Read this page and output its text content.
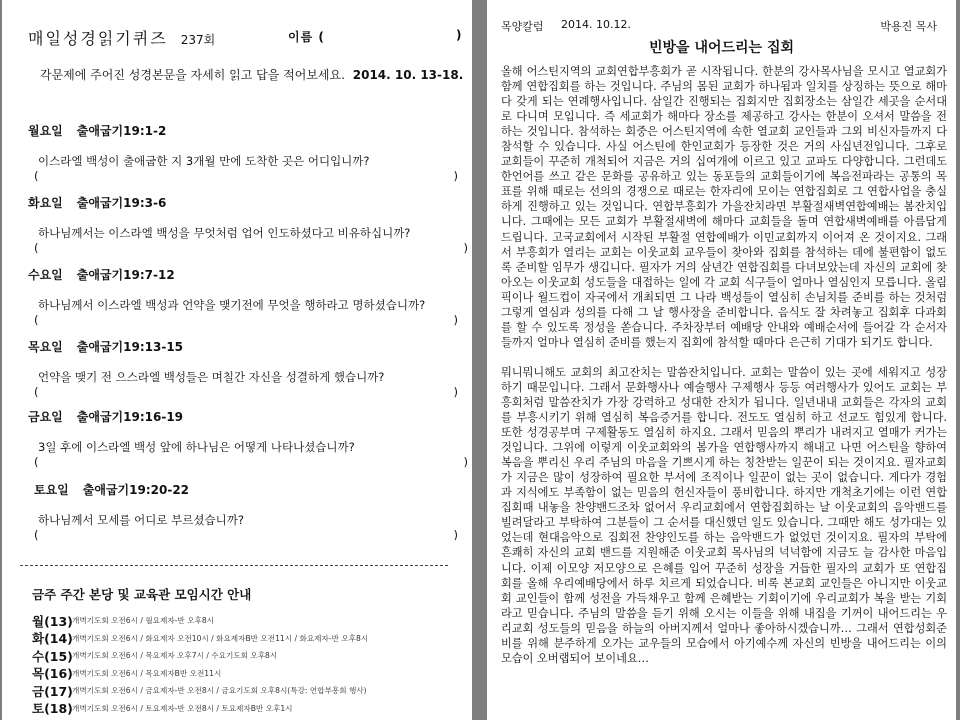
매일성경읽기퀴즈 237회	이름 (	)
각문제에 주어진 성경본문을 자세히 읽고 답을 적어보세요. 2014. 10. 13-18.
월요일 출애굽기19:1-2
이스라엘 백성이 출애굽한 지 3개월 만에 도착한 곳은 어디입니까?
(	)
화요일 출애굽기19:3-6
하나님께서는 이스라엘 백성을 무엇처럼 업어 인도하셨다고 비유하십니까?
(	)
수요일 출애굽기19:7-12
하나님께서 이스라엘 백성과 언약을 맺기전에 무엇을 행하라고 명하셨습니까?
(	)
목요일 출애굽기19:13-15
언약을 맺기 전 으스라엘 백성들은 며칠간 자신을 성결하게 했습니까?
(	)
금요일 출애굽기19:16-19
3일 후에 이스라엘 백성 앞에 하나님은 어떻게 나타나셨습니까?
(	)
토요일 출애굽기19:20-22
하나님께서 모세를 어디로 부르셨습니까?
(	)
금주 주간 본당 및 교육관 모임시간 안내
월(13) 개벽기도회 오전6시 / 월요제자-반 오후8시
화(14) 개벽기도회 오전6시 / 화요제자 오전10시 / 화요제자B반 오전11시 / 화요제자-반 오후8시
수(15) 개벽기도회 오전6시 / 목요제자 오후7시 / 수요기도회 오후8시
목(16) 개벽기도회 오전6시 / 목요제자B반 오전11시
금(17) 개벽기도회 오전6시 / 금요제자-반 오전8시 / 금요기도회 오후8시(특강: 연합부흥회 행사)
토(18) 개벽기도회 오전6시 / 토요제자-반 오전8시 / 토요제자B반 오후1시
목양칼럼 2014. 10.12.	박용진 목사
빈방을 내어드리는 집회

올해 어스틴지역의 교회연합부흥회가 곧 시작됩니다. 한분의 강사목사님을 모시고 열교회가 함께 연합집회를 하는 것입니다. 주님의 몸된 교회가 하나됨과 일치를 상징하는 뜻으로 해마다 갖게 되는 연례행사입니다. 삼일간 진행되는 집회지만 집회장소는 삼일간 세곳을 순서대로 다니며 모입니다. 즉 세교회가 해마다 장소를 제공하고 강사는 한분이 오셔서 말씀을 전하는 것입니다. 참석하는 회중은 어스틴지역에 속한 열교회 교인들과 그외 비신자들까지 다 참석할 수 있습니다. 사실 어스틴에 한인교회가 등장한 것은 거의 사십년전입니다. 그후로 교회들이 꾸준히 개척되어 지금은 거의 십여개에 이르고 있고 교파도 다양합니다. 그런데도 한언어를 쓰고 같은 문화를 공유하고 있는 동포들의 교회들이기에 복음전파라는 공통의 목표를 위해 때로는 선의의 경쟁으로 때로는 한자리에 모이는 연합집회로 그 연합사업을 충실하게 진행하고 있는 것입니다. 연합부흥회가 가을잔치라면 부활절새벽연합예배는 봄잔치입니다. 그때에는 모든 교회가 부활절새벽에 해마다 교회들을 돌며 연합새벽예배를 아름답게 드립니다. 고국교회에서 시작된 부활절 연합예배가 이민교회까지 이어져 온 것이지요. 그래서 부흥회가 열리는 교회는 이웃교회 교우들이 찾아와 집회를 참석하는 데에 불편함이 없도록 준비할 임무가 생깁니다. 필자가 거의 삼년간 연합집회를 다녀보았는데 자신의 교회에 찾아오는 이웃교회 성도들을 대접하는 일에 각 교회 식구들이 얼마나 열심인지 모릅니다. 올림픽이나 월드컵이 자국에서 개최되면 그 나라 백성들이 열심히 손님치를 준비를 하는 것처럼 그렇게 열심과 성의를 다해 그 날 행사장을 준비합니다. 음식도 잘 차려놓고 집회후 다과회를 할 수 있도록 정성을 쏟습니다. 주차장부터 예배당 안내와 예배순서에 들어갈 각 순서자들까지 얼마나 열심히 준비를 했는지 집회에 참석할 때마다 은근히 기대가 되기도 합니다.

뭐니뭐니해도 교회의 최고잔치는 말씀잔치입니다. 교회는 말씀이 있는 곳에 세워지고 성장하기 때문입니다. 그래서 문화행사나 예술행사 구제행사 등등 여러행사가 있어도 교회는 부흥회처럼 말씀잔치가 가장 강력하고 성대한 잔치가 됩니다. 일년내내 교회들은 각자의 교회를 부흥시키기 위해 열심히 복음증거를 합니다. 전도도 열심히 하고 선교도 힘있게 합니다. 또한 성경공부며 구제활동도 열심히 하지요. 그래서 믿음의 뿌리가 내려지고 열매가 커가는 것입니다. 그위에 이렇게 이웃교회와의 봄가을 연합행사까지 해내고 나면 어스틴을 향하여 복음을 뿌리신 우리 주님의 마음을 기쁘시게 하는 칭찬받는 일꾼이 되는 것이지요. 필자교회가 지금은 많이 성장하여 필요한 부서에 조직이나 일꾼이 없는 곳이 없습니다. 게다가 경험과 지식에도 부족함이 없는 믿음의 헌신자들이 풍비합니다. 하지만 개척초기에는 이런 연합집회때 내놓을 찬양밴드조차 없어서 우리교회에서 연합집회하는 날 이웃교회의 음악밴드를 빌려달라고 부탁하여 그분들이 그 순서를 대신했던 일도 있습니다. 그때만 해도 성가대는 있었는데 현대음악으로 집회전 찬양인도를 하는 음악밴드가 없었던 것이지요. 필자의 부탁에 흔쾌히 자신의 교회 밴드를 지원해준 이웃교회 목사님의 넉넉함에 지금도 늘 감사한 마음입니다. 이제 이모양 저모양으로 은혜를 입어 꾸준히 성장을 거듭한 필자의 교회가 또 연합집회를 올해 우리예배당에서 하루 치르게 되었습니다. 비록 본교회 교인들은 아니지만 이웃교회 교인들이 함께 성전을 가득채우고 함께 은혜받는 기회이기에 우리교회가 복을 받는 기회라고 믿습니다. 주님의 말씀을 듣기 위해 오시는 이들을 위해 내집을 기꺼이 내어드리는 우리교회 성도들의 믿음을 하늘의 아버지께서 얼마나 좋아하시겠습니까… 그래서 연합성회준비를 위해 분주하게 오가는 교우들의 모습에서 아기예수께 자신의 빈방을 내어드리는 이의 모습이 오버랩되어 보이네요…
